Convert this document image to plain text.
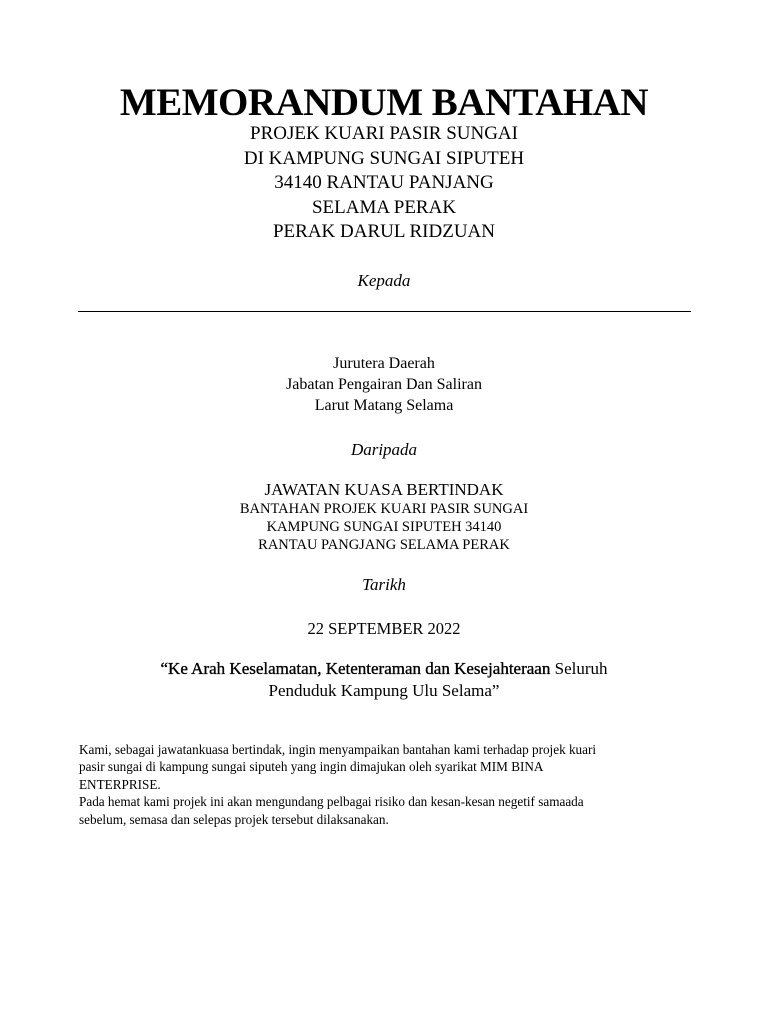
MEMORANDUM BANTAHAN
PROJEK KUARI PASIR SUNGAI
DI KAMPUNG SUNGAI SIPUTEH
34140 RANTAU PANJANG
SELAMA PERAK
PERAK DARUL RIDZUAN
Kepada
Jurutera Daerah
Jabatan Pengairan Dan Saliran
Larut Matang Selama
Daripada
JAWATAN KUASA BERTINDAK
BANTAHAN PROJEK KUARI PASIR SUNGAI
KAMPUNG SUNGAI SIPUTEH 34140
RANTAU PANGJANG SELAMA PERAK
Tarikh
22 SEPTEMBER 2022
“Ke Arah Keselamatan, Ketenteraman dan Kesejahteraan Seluruh
Penduduk Kampung Ulu Selama”
Kami, sebagai jawatankuasa bertindak, ingin menyampaikan bantahan kami terhadap projek kuari
pasir sungai di kampung sungai siputeh yang ingin dimajukan oleh syarikat MIM BINA
ENTERPRISE.
Pada hemat kami projek ini akan mengundang pelbagai risiko dan kesan-kesan negetif samaada
sebelum, semasa dan selepas projek tersebut dilaksanakan.
